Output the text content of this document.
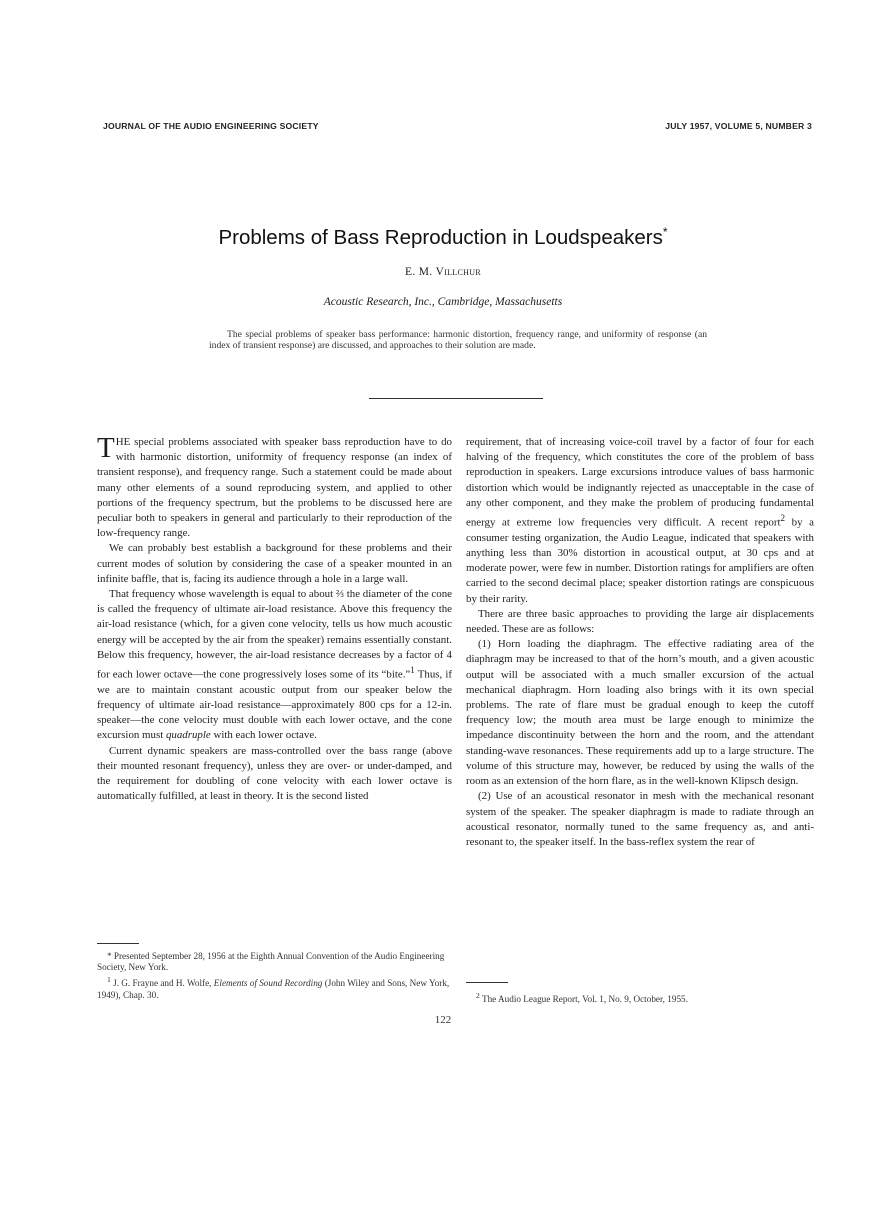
JOURNAL OF THE AUDIO ENGINEERING SOCIETY	JULY 1957, VOLUME 5, NUMBER 3
Problems of Bass Reproduction in Loudspeakers*
E. M. Villchur
Acoustic Research, Inc., Cambridge, Massachusetts
The special problems of speaker bass performance: harmonic distortion, frequency range, and uniformity of response (an index of transient response) are discussed, and approaches to their solution are made.

THE special problems associated with speaker bass reproduction have to do with harmonic distortion, uniformity of frequency response (an index of transient response), and frequency range. Such a statement could be made about many other elements of a sound reproducing system, and applied to other portions of the frequency spectrum, but the problems to be discussed here are peculiar both to speakers in general and particularly to their reproduction of the low-frequency range.

We can probably best establish a background for these problems and their current modes of solution by considering the case of a speaker mounted in an infinite baffle, that is, facing its audience through a hole in a large wall.

That frequency whose wavelength is equal to about ⅔ the diameter of the cone is called the frequency of ultimate air-load resistance. Above this frequency the air-load resistance (which, for a given cone velocity, tells us how much acoustic energy will be accepted by the air from the speaker) remains essentially constant. Below this frequency, however, the air-load resistance decreases by a factor of 4 for each lower octave—the cone progressively loses some of its “bite.”$^1$ Thus, if we are to maintain constant acoustic output from our speaker below the frequency of ultimate air-load resistance—approximately 800 cps for a 12-in. speaker—the cone velocity must double with each lower octave, and the cone excursion must quadruple with each lower octave.

Current dynamic speakers are mass-controlled over the bass range (above their mounted resonant frequency), unless they are over- or under-damped, and the requirement for doubling of cone velocity with each lower octave is automatically fulfilled, at least in theory. It is the second listed

requirement, that of increasing voice-coil travel by a factor of four for each halving of the frequency, which constitutes the core of the problem of bass reproduction in speakers. Large excursions introduce values of bass harmonic distortion which would be indignantly rejected as unacceptable in the case of any other component, and they make the problem of producing fundamental energy at extreme low frequencies very difficult. A recent report$^2$ by a consumer testing organization, the Audio League, indicated that speakers with anything less than 30% distortion in acoustical output, at 30 cps and at moderate power, were few in number. Distortion ratings for amplifiers are often carried to the second decimal place; speaker distortion ratings are conspicuous by their rarity.

There are three basic approaches to providing the large air displacements needed. These are as follows:

(1) Horn loading the diaphragm. The effective radiating area of the diaphragm may be increased to that of the horn’s mouth, and a given acoustic output will be associated with a much smaller excursion of the actual mechanical diaphragm. Horn loading also brings with it its own special problems. The rate of flare must be gradual enough to keep the cutoff frequency low; the mouth area must be large enough to minimize the impedance discontinuity between the horn and the room, and the attendant standing-wave resonances. These requirements add up to a large structure. The volume of this structure may, however, be reduced by using the walls of the room as an extension of the horn flare, as in the well-known Klipsch design.

(2) Use of an acoustical resonator in mesh with the mechanical resonant system of the speaker. The speaker diaphragm is made to radiate through an acoustical resonator, normally tuned to the same frequency as, and anti-resonant to, the speaker itself. In the bass-reflex system the rear of

* Presented September 28, 1956 at the Eighth Annual Convention of the Audio Engineering Society, New York.

$^1$ J. G. Frayne and H. Wolfe, Elements of Sound Recording (John Wiley and Sons, New York, 1949), Chap. 30.	$^2$ The Audio League Report, Vol. 1, No. 9, October, 1955.

122
